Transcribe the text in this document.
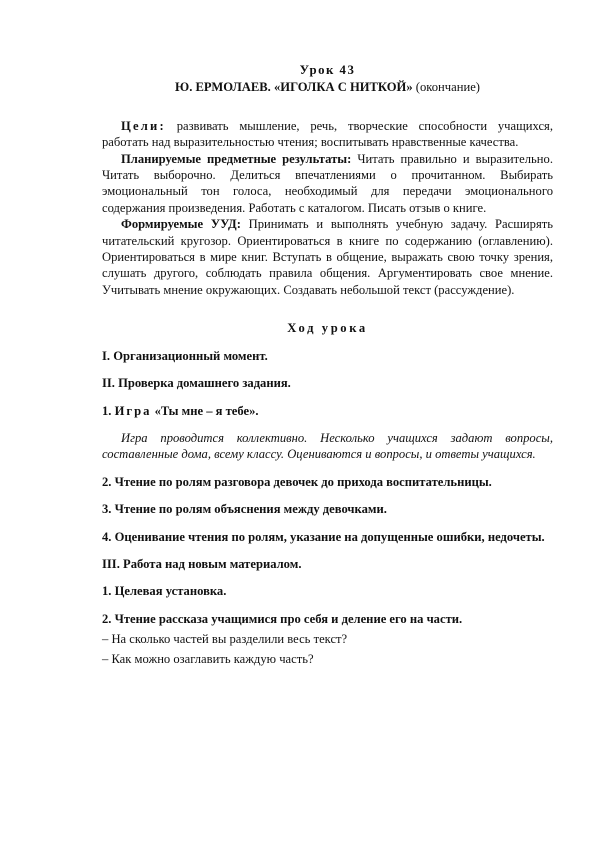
Урок 43

Ю. ЕРМОЛАЕВ. «ИГОЛКА С НИТКОЙ» (окончание)

Цели: развивать мышление, речь, творческие способности учащихся, работать над выразительностью чтения; воспитывать нравственные качества.

Планируемые предметные результаты: Читать правильно и выразительно. Читать выборочно. Делиться впечатлениями о прочитанном. Выбирать эмоциональный тон голоса, необходимый для передачи эмоционального содержания произведения. Работать с каталогом. Писать отзыв о книге.

Формируемые УУД: Принимать и выполнять учебную задачу. Расширять читательский кругозор. Ориентироваться в книге по содержанию (оглавлению). Ориентироваться в мире книг. Вступать в общение, выражать свою точку зрения, слушать другого, соблюдать правила общения. Аргументировать свое мнение. Учитывать мнение окружающих. Создавать небольшой текст (рассуждение).

Ход урока

I. Организационный момент.

II. Проверка домашнего задания.

1. Игра «Ты мне – я тебе».

Игра проводится коллективно. Несколько учащихся задают вопросы, составленные дома, всему классу. Оцениваются и вопросы, и ответы учащихся.

2. Чтение по ролям разговора девочек до прихода воспитательницы.

3. Чтение по ролям объяснения между девочками.

4. Оценивание чтения по ролям, указание на допущенные ошибки, недочеты.

III. Работа над новым материалом.

1. Целевая установка.

2. Чтение рассказа учащимися про себя и деление его на части.

– На сколько частей вы разделили весь текст?

– Как можно озаглавить каждую часть?
